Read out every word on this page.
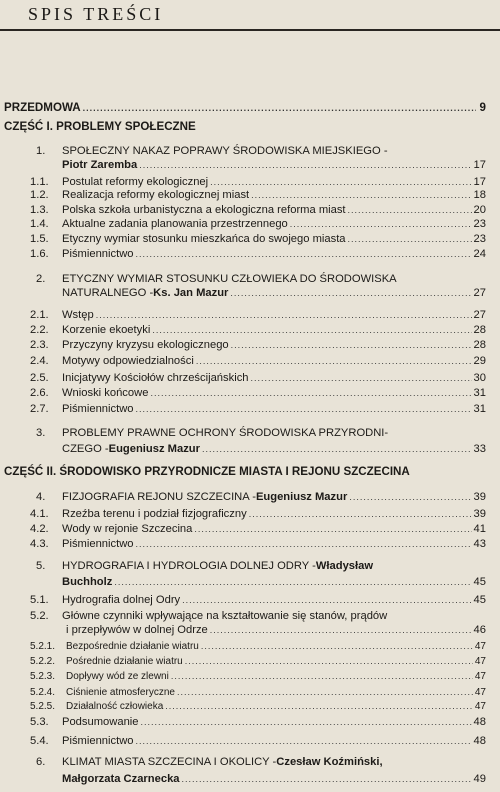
SPIS TREŚCI
PRZEDMOWA .....	9
CZĘŚĆ I. PROBLEMY SPOŁECZNE
1. SPOŁECZNY NAKAZ POPRAWY ŚRODOWISKA MIEJSKIEGO -
Piotr Zaremba .....	17
1.1. Postulat reformy ekologicznej .....	17
1.2. Realizacja reformy ekologicznej miast .....	18
1.3. Polska szkoła urbanistyczna a ekologiczna reforma miast .....	20
1.4. Aktualne zadania planowania przestrzennego .....	23
1.5. Etyczny wymiar stosunku mieszkańca do swojego miasta .....	23
1.6. Piśmiennictwo .....	24
2. ETYCZNY WYMIAR STOSUNKU CZŁOWIEKA DO ŚRODOWISKA
NATURALNEGO - Ks. Jan Mazur .....	27
2.1. Wstęp .....	27
2.2. Korzenie ekoetyki .....	28
2.3. Przyczyny kryzysu ekologicznego .....	28
2.4. Motywy odpowiedzialności .....	29
2.5. Inicjatywy Kościołów chrześcijańskich .....	30
2.6. Wnioski końcowe .....	31
2.7. Piśmiennictwo .....	31
3. PROBLEMY PRAWNE OCHRONY ŚRODOWISKA PRZYRODNI-
CZEGO - Eugeniusz Mazur .....	33
CZĘŚĆ II. ŚRODOWISKO PRZYRODNICZE MIASTA I REJONU SZCZECINA
4. FIZJOGRAFIA REJONU SZCZECINA - Eugeniusz Mazur .....	39
4.1. Rzeźba terenu i podział fizjograficzny .....	39
4.2. Wody w rejonie Szczecina .....	41
4.3. Piśmiennictwo .....	43
5. HYDROGRAFIA I HYDROLOGIA DOLNEJ ODRY - Władysław
Buchholz .....	45
5.1. Hydrografia dolnej Odry .....	45
5.2. Główne czynniki wpływające na kształtowanie się stanów, prądów
i przepływów w dolnej Odrze .....	46
5.2.1. Bezpośrednie działanie wiatru .....	47
5.2.2. Pośrednie działanie wiatru .....	47
5.2.3. Dopływy wód ze zlewni .....	47
5.2.4. Ciśnienie atmosferyczne .....	47
5.2.5. Działalność człowieka .....	47
5.3. Podsumowanie .....	48
5.4. Piśmiennictwo .....	48
6. KLIMAT MIASTA SZCZECINA I OKOLICY - Czesław Koźmiński,
Małgorzata Czarnecka .....	49
